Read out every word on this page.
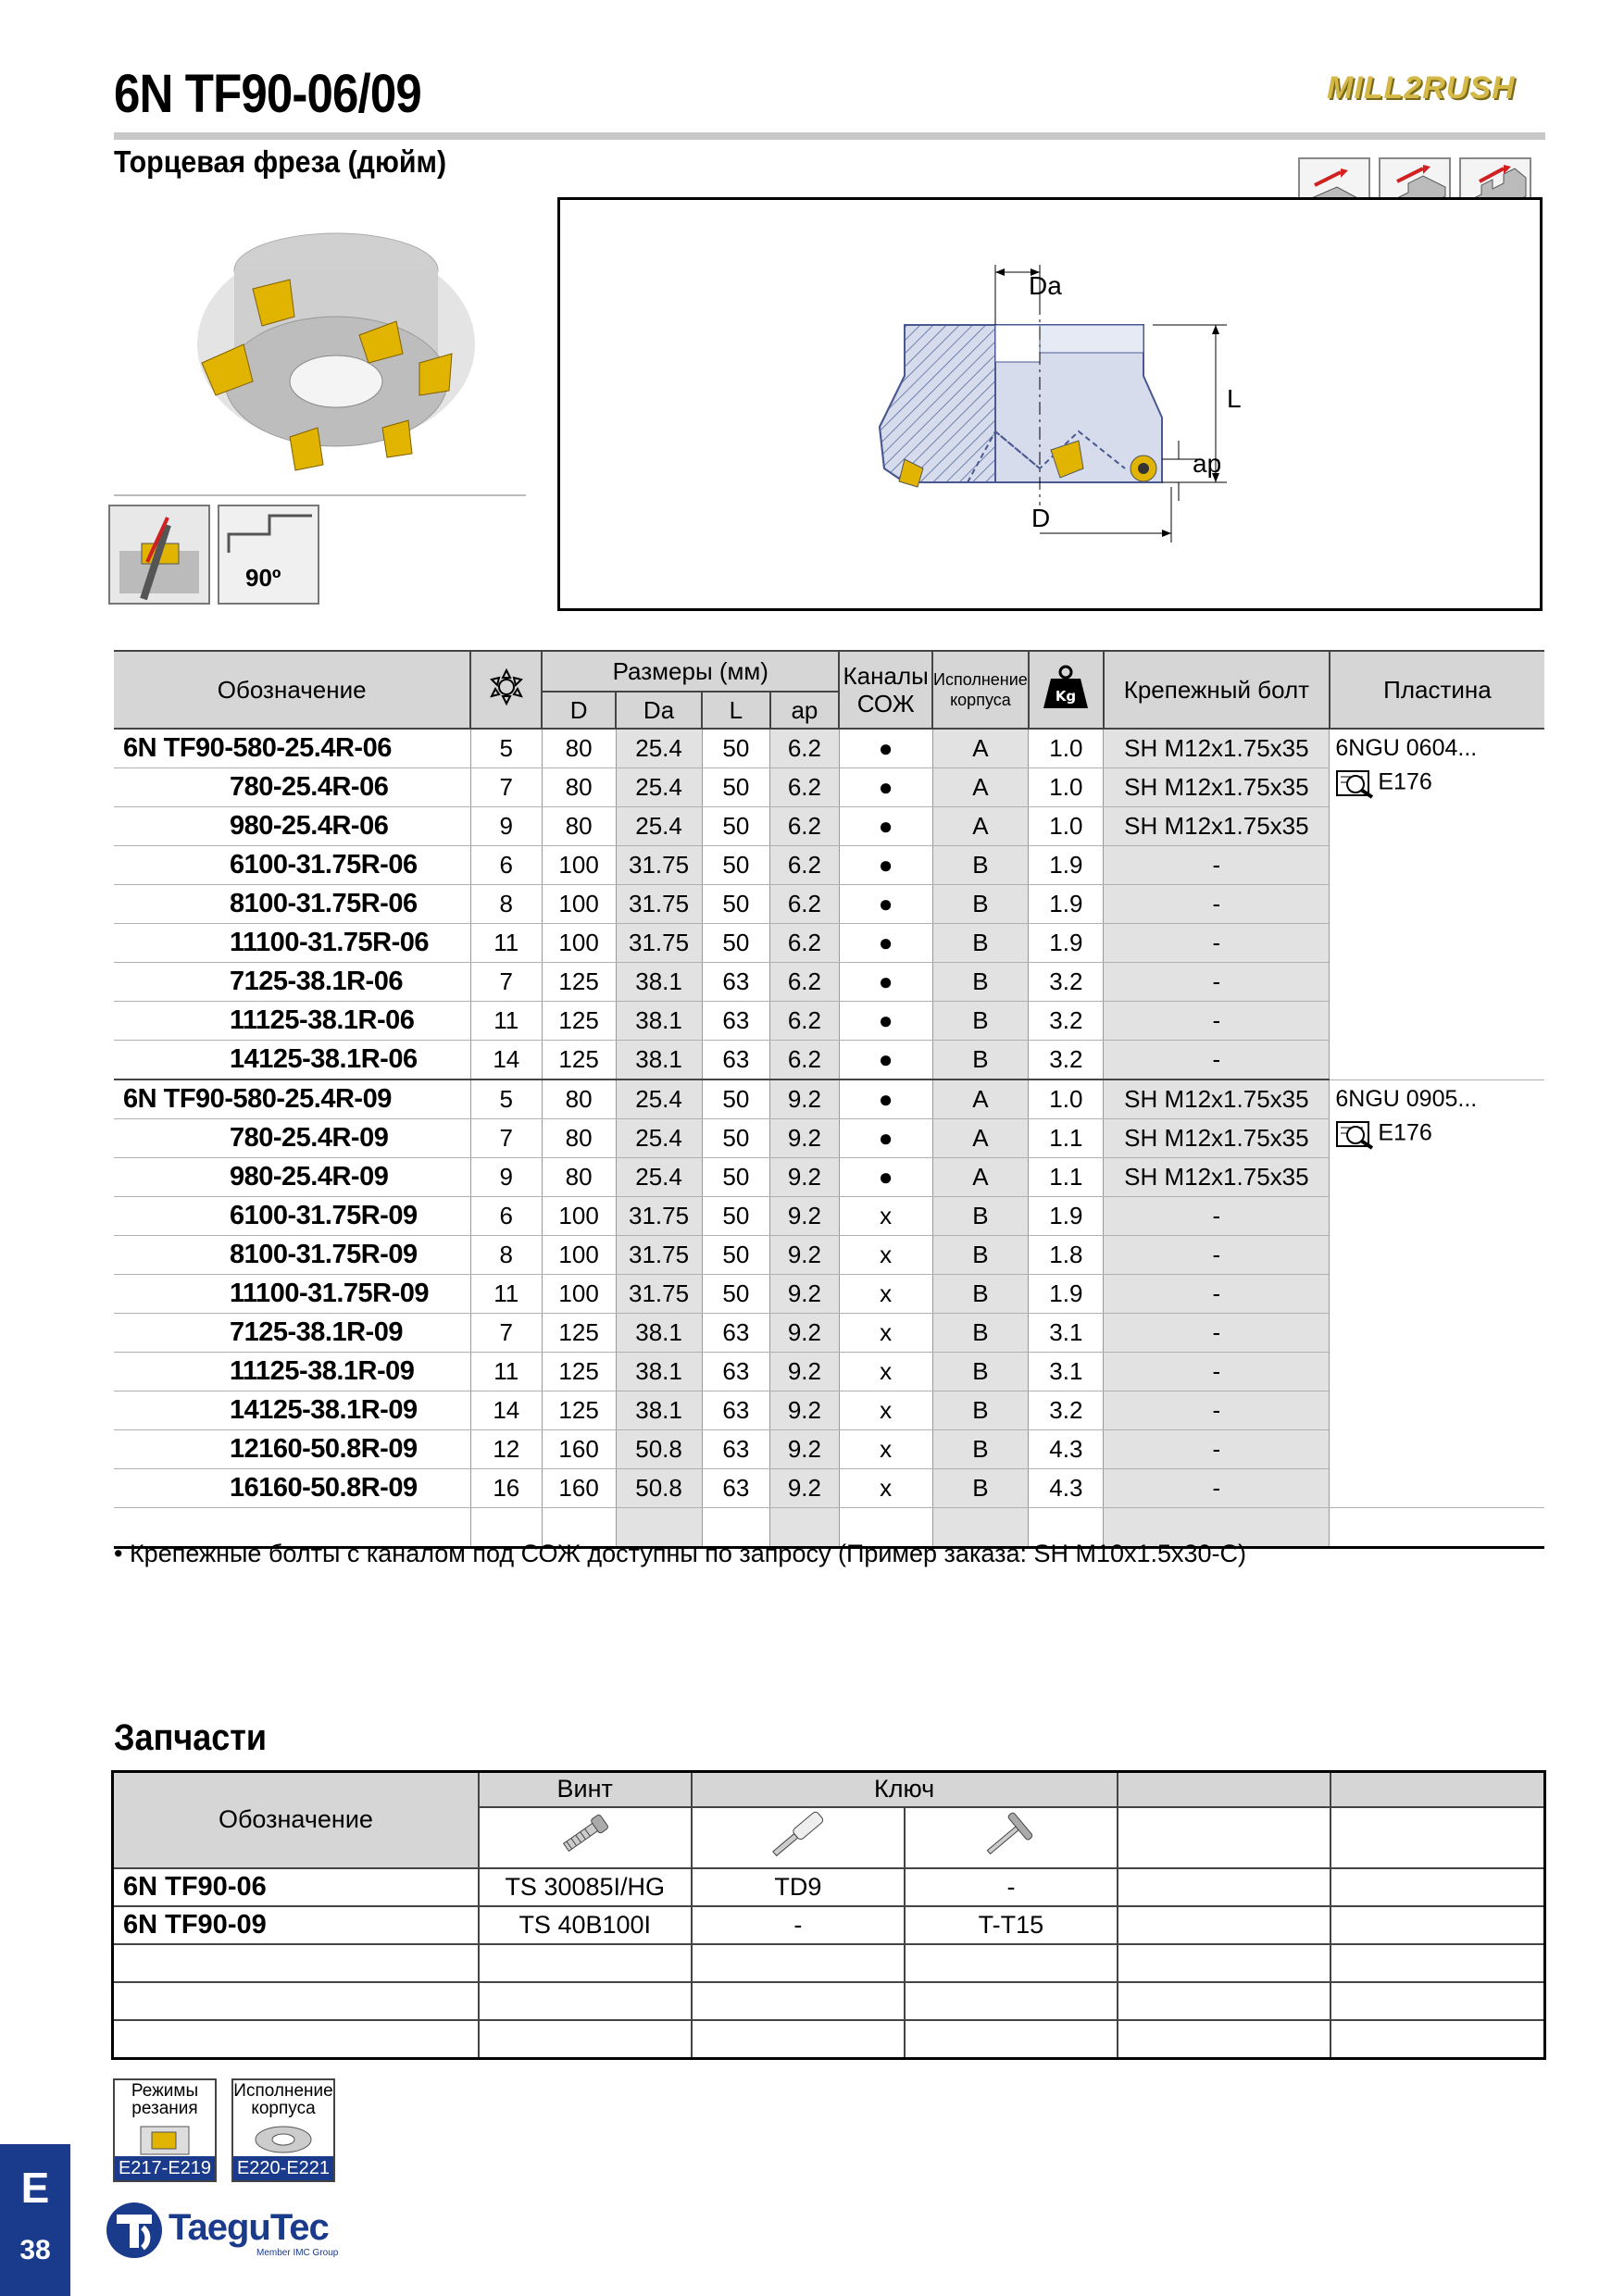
6N TF90-06/09
Торцевая фреза (дюйм)
MILL2RUSH
90º
Da
L
ap
D
Обозначение		Размеры (мм)				Каналы СОЖ	Исполнение корпуса	Kg	Крепежный болт	Пластина
		D	Da	L	ap					
6N TF90-580-25.4R-06	5	80	25.4	50	6.2	●	A	1.0	SH M12x1.75x35	6NGU 0604...
E176

780-25.4R-06	7	80	25.4	50	6.2	●	A	1.0	SH M12x1.75x35	
980-25.4R-06	9	80	25.4	50	6.2	●	A	1.0	SH M12x1.75x35	
6100-31.75R-06	6	100	31.75	50	6.2	●	B	1.9	-	
8100-31.75R-06	8	100	31.75	50	6.2	●	B	1.9	-	
11100-31.75R-06	11	100	31.75	50	6.2	●	B	1.9	-	
7125-38.1R-06	7	125	38.1	63	6.2	●	B	3.2	-	
11125-38.1R-06	11	125	38.1	63	6.2	●	B	3.2	-	
14125-38.1R-06	14	125	38.1	63	6.2	●	B	3.2	-	
6N TF90-580-25.4R-09	5	80	25.4	50	9.2	●	A	1.0	SH M12x1.75x35	6NGU 0905...
E176

780-25.4R-09	7	80	25.4	50	9.2	●	A	1.1	SH M12x1.75x35	
980-25.4R-09	9	80	25.4	50	9.2	●	A	1.1	SH M12x1.75x35	
6100-31.75R-09	6	100	31.75	50	9.2	x	B	1.9	-	
8100-31.75R-09	8	100	31.75	50	9.2	x	B	1.8	-	
11100-31.75R-09	11	100	31.75	50	9.2	x	B	1.9	-	
7125-38.1R-09	7	125	38.1	63	9.2	x	B	3.1	-	
11125-38.1R-09	11	125	38.1	63	9.2	x	B	3.1	-	
14125-38.1R-09	14	125	38.1	63	9.2	x	B	3.2	-	
12160-50.8R-09	12	160	50.8	63	9.2	x	B	4.3	-	
16160-50.8R-09	16	160	50.8	63	9.2	x	B	4.3	-	

• Крепежные болты с каналом под СОЖ доступны по запросу (Пример заказа: SH M10x1.5x30-C)
Запчасти
Обозначение	Винт	Ключ			

6N TF90-06	TS 30085I/HG	TD9	-		
6N TF90-09	TS 40B100I	-	T-T15		

Режимы резания
E217-E219
Исполнение корпуса
E220-E221
E
38
TaeguTec
Member IMC Group
